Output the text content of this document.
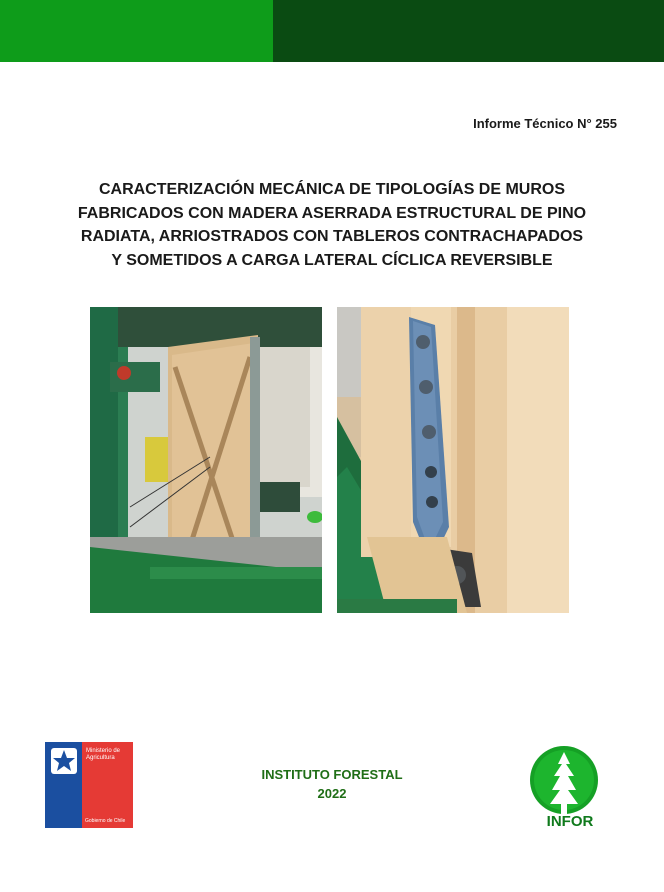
Informe Técnico N° 255
CARACTERIZACIÓN MECÁNICA DE TIPOLOGÍAS DE MUROS
FABRICADOS CON MADERA ASERRADA ESTRUCTURAL DE PINO
RADIATA, ARRIOSTRADOS CON TABLEROS CONTRACHAPADOS
Y SOMETIDOS A CARGA LATERAL CÍCLICA REVERSIBLE
Ministerio de
Agricultura
Gobierno de Chile
INSTITUTO FORESTAL
2022
INFOR
